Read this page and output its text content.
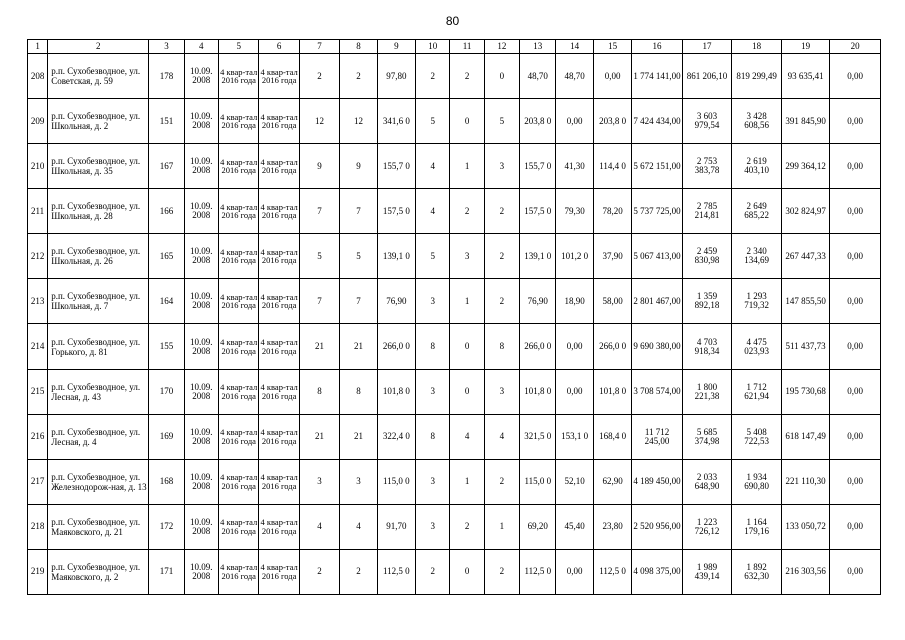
80
1	2	3	4	5	6	7	8	9	10	11	12	13	14	15	16	17	18	19	20
208	р.п. Сухобезводное, ул. Советская, д. 59	178	10.09. 2008	4 квар-тал 2016 года	4 квар-тал 2016 года	2	2	97,80	2	2	0	48,70	48,70	0,00	1 774 141,00	861 206,10	819 299,49	93 635,41	0,00
209	р.п. Сухобезводное, ул. Школьная, д. 2	151	10.09. 2008	4 квар-тал 2016 года	4 квар-тал 2016 года	12	12	341,6 0	5	0	5	203,8 0	0,00	203,8 0	7 424 434,00	3 603 979,54	3 428 608,56	391 845,90	0,00
210	р.п. Сухобезводное, ул. Школьная, д. 35	167	10.09. 2008	4 квар-тал 2016 года	4 квар-тал 2016 года	9	9	155,7 0	4	1	3	155,7 0	41,30	114,4 0	5 672 151,00	2 753 383,78	2 619 403,10	299 364,12	0,00
211	р.п. Сухобезводное, ул. Школьная, д. 28	166	10.09. 2008	4 квар-тал 2016 года	4 квар-тал 2016 года	7	7	157,5 0	4	2	2	157,5 0	79,30	78,20	5 737 725,00	2 785 214,81	2 649 685,22	302 824,97	0,00
212	р.п. Сухобезводное, ул. Школьная, д. 26	165	10.09. 2008	4 квар-тал 2016 года	4 квар-тал 2016 года	5	5	139,1 0	5	3	2	139,1 0	101,2 0	37,90	5 067 413,00	2 459 830,98	2 340 134,69	267 447,33	0,00
213	р.п. Сухобезводное, ул. Школьная, д. 7	164	10.09. 2008	4 квар-тал 2016 года	4 квар-тал 2016 года	7	7	76,90	3	1	2	76,90	18,90	58,00	2 801 467,00	1 359 892,18	1 293 719,32	147 855,50	0,00
214	р.п. Сухобезводное, ул. Горького, д. 81	155	10.09. 2008	4 квар-тал 2016 года	4 квар-тал 2016 года	21	21	266,0 0	8	0	8	266,0 0	0,00	266,0 0	9 690 380,00	4 703 918,34	4 475 023,93	511 437,73	0,00
215	р.п. Сухобезводное, ул. Лесная, д. 43	170	10.09. 2008	4 квар-тал 2016 года	4 квар-тал 2016 года	8	8	101,8 0	3	0	3	101,8 0	0,00	101,8 0	3 708 574,00	1 800 221,38	1 712 621,94	195 730,68	0,00
216	р.п. Сухобезводное, ул. Лесная, д. 4	169	10.09. 2008	4 квар-тал 2016 года	4 квар-тал 2016 года	21	21	322,4 0	8	4	4	321,5 0	153,1 0	168,4 0	11 712 245,00	5 685 374,98	5 408 722,53	618 147,49	0,00
217	р.п. Сухобезводное, ул. Железнодорож-ная, д. 13	168	10.09. 2008	4 квар-тал 2016 года	4 квар-тал 2016 года	3	3	115,0 0	3	1	2	115,0 0	52,10	62,90	4 189 450,00	2 033 648,90	1 934 690,80	221 110,30	0,00
218	р.п. Сухобезводное, ул. Маяковского, д. 21	172	10.09. 2008	4 квар-тал 2016 года	4 квар-тал 2016 года	4	4	91,70	3	2	1	69,20	45,40	23,80	2 520 956,00	1 223 726,12	1 164 179,16	133 050,72	0,00
219	р.п. Сухобезводное, ул. Маяковского, д. 2	171	10.09. 2008	4 квар-тал 2016 года	4 квар-тал 2016 года	2	2	112,5 0	2	0	2	112,5 0	0,00	112,5 0	4 098 375,00	1 989 439,14	1 892 632,30	216 303,56	0,00
